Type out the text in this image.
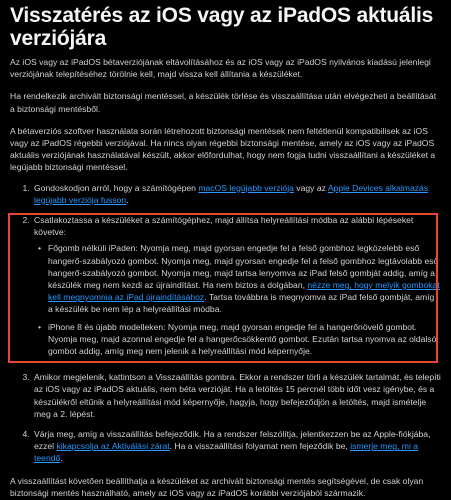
Visszatérés az iOS vagy az iPadOS aktuális verziójára

Az iOS vagy az iPadOS bétaverziójának eltávolításához és az iOS vagy az iPadOS nyilvános kiadású jelenlegi verziójának telepítéséhez törölnie kell, majd vissza kell állítania a készüléket.

Ha rendelkezik archivált biztonsági mentéssel, a készülék törlése és visszaállítása után elvégezheti a beállítását a biztonsági mentésből.

A bétaverziós szoftver használata során létrehozott biztonsági mentések nem feltétlenül kompatibilisek az iOS vagy az iPadOS régebbi verziójával. Ha nincs olyan régebbi biztonsági mentése, amely az iOS vagy az iPadOS aktuális verziójának használatával készült, akkor előfordulhat, hogy nem fogja tudni visszaállítani a készüléket a legújabb biztonsági mentéssel.

1. Gondoskodjon arról, hogy a számítógépen macOS legújabb verziója vagy az Apple Devices alkalmazás legújabb verziója fusson.
2. Csatlakoztassa a készüléket a számítógéphez, majd állítsa helyreállítási módba az alábbi lépéseket követve:
• Főgomb nélküli iPaden: Nyomja meg, majd gyorsan engedje fel a felső gombhoz legközelebb eső hangerő-szabályozó gombot. Nyomja meg, majd gyorsan engedje fel a felső gombhoz legtávolabb eső hangerő-szabályozó gombot. Nyomja meg, majd tartsa lenyomva az iPad felső gombját addig, amíg a készülék meg nem kezdi az újraindítást. Ha nem biztos a dolgában, nézze meg, hogy melyik gombokat kell megnyomnia az iPad újraindításához. Tartsa továbbra is megnyomva az iPad felső gombját, amíg a készülék be nem lép a helyreállítási módba.
• iPhone 8 és újabb modelleken: Nyomja meg, majd gyorsan engedje fel a hangerőnövelő gombot. Nyomja meg, majd azonnal engedje fel a hangerőcsökkentő gombot. Ezután tartsa nyomva az oldalsó gombot addig, amíg meg nem jelenik a helyreállítási mód képernyője.
3. Amikor megjelenik, kattintson a Visszaállítás gombra. Ekkor a rendszer törli a készülék tartalmát, és telepíti az iOS vagy az iPadOS aktuális, nem béta verzióját. Ha a letöltés 15 percnél több időt vesz igénybe, és a készülékről eltűnik a helyreállítási mód képernyője, hagyja, hogy befejeződjön a letöltés, majd ismételje meg a 2. lépést.
4. Várja meg, amíg a visszaállítás befejeződik. Ha a rendszer felszólítja, jelentkezzen be az Apple-fiókjába, ezzel kikapcsolja az Aktiválási zárat. Ha a visszaállítási folyamat nem fejeződik be, ismerje meg, mi a teendő.

A visszaállítást követően beállíthatja a készüléket az archivált biztonsági mentés segítségével, de csak olyan biztonsági mentés használható, amely az iOS vagy az iPadOS korábbi verziójából származik.
